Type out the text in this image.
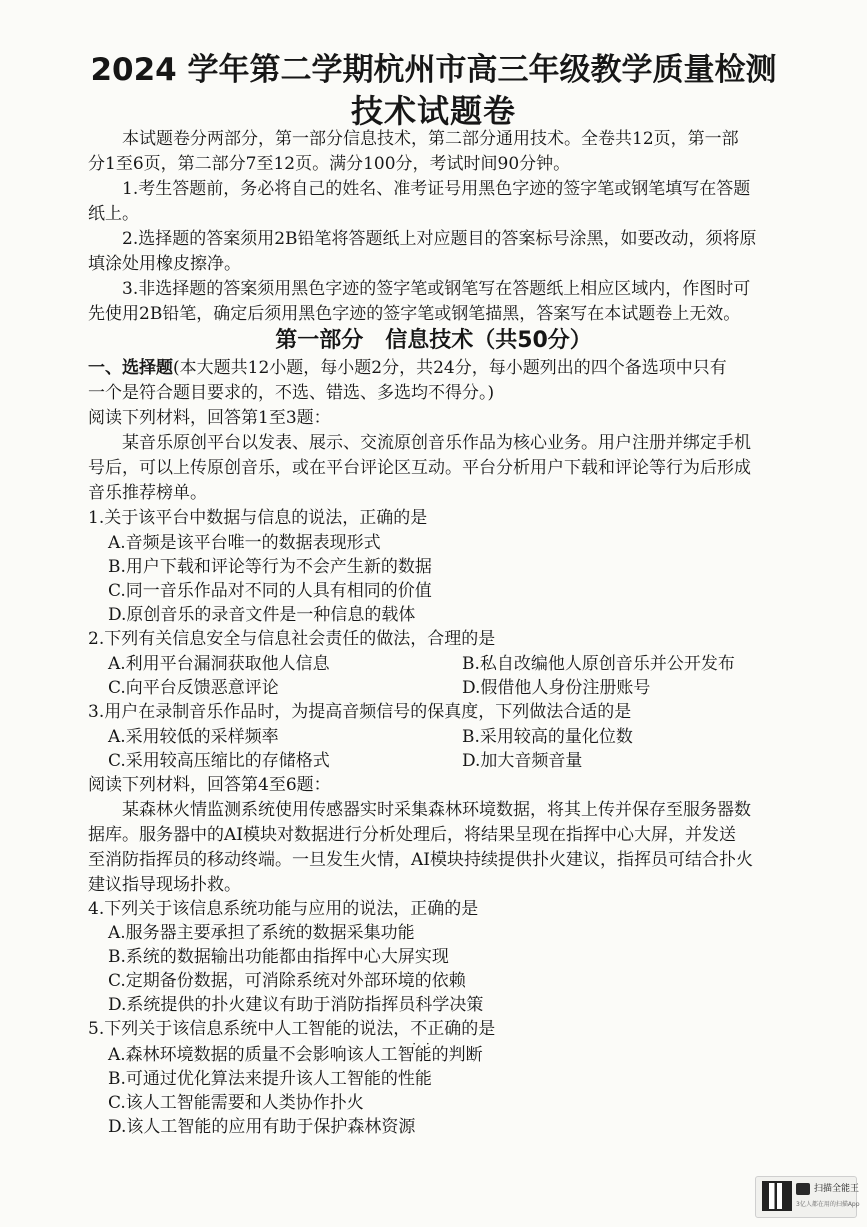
2024 学年第二学期杭州市高三年级教学质量检测
技术试题卷
本试题卷分两部分，第一部分信息技术，第二部分通用技术。全卷共12页，第一部
分1至6页，第二部分7至12页。满分100分，考试时间90分钟。
1.考生答题前，务必将自己的姓名、准考证号用黑色字迹的签字笔或钢笔填写在答题
纸上。
2.选择题的答案须用2B铅笔将答题纸上对应题目的答案标号涂黑，如要改动，须将原
填涂处用橡皮擦净。
3.非选择题的答案须用黑色字迹的签字笔或钢笔写在答题纸上相应区域内，作图时可
先使用2B铅笔，确定后须用黑色字迹的签字笔或钢笔描黑，答案写在本试题卷上无效。
第一部分　信息技术（共50分）
一、选择题(本大题共12小题，每小题2分，共24分，每小题列出的四个备选项中只有
一个是符合题目要求的，不选、错选、多选均不得分。)
阅读下列材料，回答第1至3题：
某音乐原创平台以发表、展示、交流原创音乐作品为核心业务。用户注册并绑定手机
号后，可以上传原创音乐，或在平台评论区互动。平台分析用户下载和评论等行为后形成
音乐推荐榜单。
1.关于该平台中数据与信息的说法，正确的是
A.音频是该平台唯一的数据表现形式
B.用户下载和评论等行为不会产生新的数据
C.同一音乐作品对不同的人具有相同的价值
D.原创音乐的录音文件是一种信息的载体
2.下列有关信息安全与信息社会责任的做法，合理的是
A.利用平台漏洞获取他人信息	B.私自改编他人原创音乐并公开发布
C.向平台反馈恶意评论	D.假借他人身份注册账号
3.用户在录制音乐作品时，为提高音频信号的保真度，下列做法合适的是
A.采用较低的采样频率	B.采用较高的量化位数
C.采用较高压缩比的存储格式	D.加大音频音量
阅读下列材料，回答第4至6题：
某森林火情监测系统使用传感器实时采集森林环境数据，将其上传并保存至服务器数
据库。服务器中的AI模块对数据进行分析处理后，将结果呈现在指挥中心大屏，并发送
至消防指挥员的移动终端。一旦发生火情，AI模块持续提供扑火建议，指挥员可结合扑火
建议指导现场扑救。
4.下列关于该信息系统功能与应用的说法，正确的是
A.服务器主要承担了系统的数据采集功能
B.系统的数据输出功能都由指挥中心大屏实现
C.定期备份数据，可消除系统对外部环境的依赖
D.系统提供的扑火建议有助于消防指挥员科学决策
5.下列关于该信息系统中人工智能的说法，不正确 · ·的是
A.森林环境数据的质量不会影响该人工智能的判断
B.可通过优化算法来提升该人工智能的性能
C.该人工智能需要和人类协作扑火
D.该人工智能的应用有助于保护森林资源
扫描全能王
3亿人都在用的扫描App
